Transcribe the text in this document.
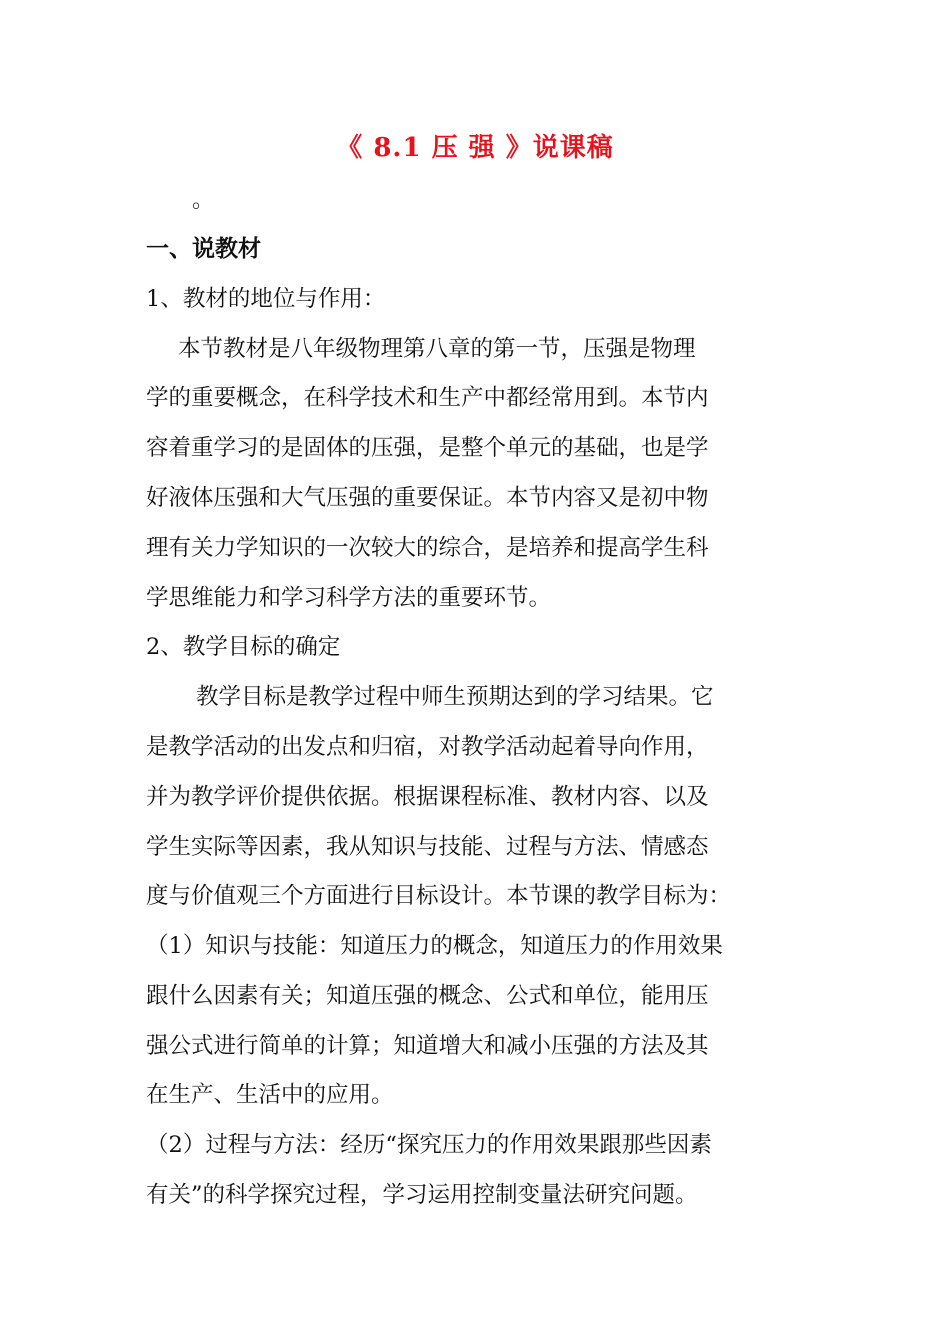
《 8.1 压 强 》说课稿
。
一、说教材
1、教材的地位与作用：
本节教材是八年级物理第八章的第一节，压强是物理
学的重要概念，在科学技术和生产中都经常用到。本节内
容着重学习的是固体的压强，是整个单元的基础，也是学
好液体压强和大气压强的重要保证。本节内容又是初中物
理有关力学知识的一次较大的综合，是培养和提高学生科
学思维能力和学习科学方法的重要环节。
2、教学目标的确定
教学目标是教学过程中师生预期达到的学习结果。它
是教学活动的出发点和归宿，对教学活动起着导向作用，
并为教学评价提供依据。根据课程标准、教材内容、以及
学生实际等因素，我从知识与技能、过程与方法、情感态
度与价值观三个方面进行目标设计。本节课的教学目标为：
（1）知识与技能：知道压力的概念，知道压力的作用效果
跟什么因素有关；知道压强的概念、公式和单位，能用压
强公式进行简单的计算；知道增大和减小压强的方法及其
在生产、生活中的应用。
（2）过程与方法：经历“探究压力的作用效果跟那些因素
有关”的科学探究过程，学习运用控制变量法研究问题。
